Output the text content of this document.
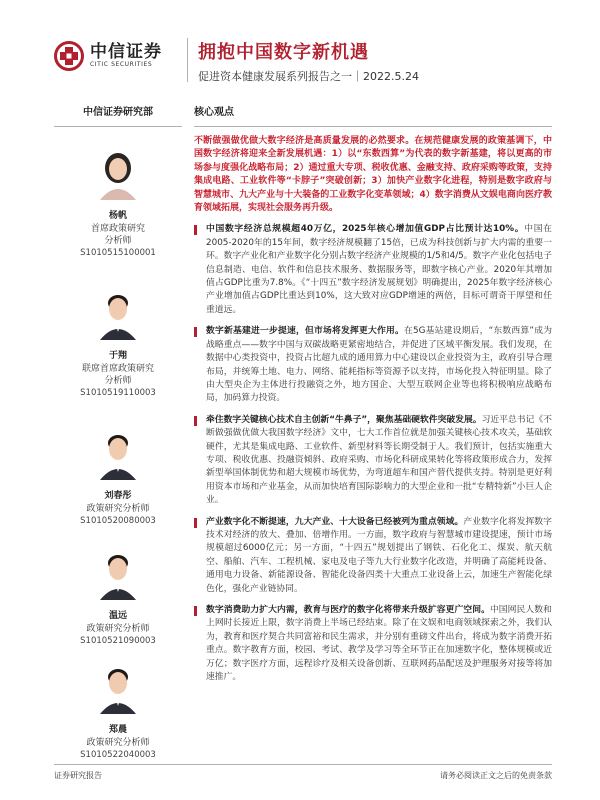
中信证券
CITIC SECURITIES
拥抱中国数字新机遇
促进资本健康发展系列报告之一｜2022.5.24
中信证券研究部
杨帆
首席政策研究
分析师
S1010515100001
于翔
联席首席政策研究
分析师
S1010519110003
刘春彤
政策研究分析师
S1010520080003
温远
政策研究分析师
S1010521090003
郑晨
政策研究分析师
S1010522040003
核心观点
不断做强做优做大数字经济是高质量发展的必然要求。在规范健康发展的政策基调下，中国数字经济将迎来全新发展机遇：1）以“东数西算”为代表的数字新基建，将以更高的市场参与度强化战略布局；2）通过重大专项、税收优惠、金融支持、政府采购等政策，支持集成电路、工业软件等“卡脖子”突破创新；3）加快产业数字化进程，特别是数字政府与智慧城市、九大产业与十大装备的工业数字化变革领域；4）数字消费从文娱电商向医疗教育领域拓展，实现社会服务再升级。

中国数字经济总规模超40万亿，2025年核心增加值GDP占比预计达10%。中国在2005-2020年的15年间，数字经济规模翻了15倍，已成为科技创新与扩大内需的重要一环。数字产业化和产业数字化分别占数字经济产业规模的1/5和4/5。数字产业化包括电子信息制造、电信、软件和信息技术服务、数据服务等，即数字核心产业。2020年其增加值占GDP比重为7.8%。《“十四五”数字经济发展规划》明确提出，2025年数字经济核心产业增加值占GDP比重达到10%，这大致对应GDP增速的两倍，目标可谓奇干厚望和任重道远。

数字新基建进一步提速，但市场将发挥更大作用。在5G基站建设期后，“东数西算”成为战略重点——数字中国与双碳战略更紧密地结合，并促进了区域平衡发展。我们发现，在数据中心类投资中，投资占比超九成的通用算力中心建设以企业投资为主，政府引导合理布局，并统筹土地、电力、网络、能耗指标等资源予以支持，市场化投入特征明显。除了由大型央企为主体进行投融资之外，地方国企、大型互联网企业等也将积极响应战略布局，加码算力投资。

牵住数字关键核心技术自主创新“牛鼻子”，聚焦基础硬软件突破发展。习近平总书记《不断做强做优做大我国数字经济》文中，七大工作首位就是加强关键核心技术攻关，基础软硬件，尤其是集成电路、工业软件、新型材料等长期受制于人。我们预计，包括实施重大专项、税收优惠、投融资倾斜、政府采购、市场化科研成果转化等将政策形成合力，发挥新型举国体制优势和超大规模市场优势，为弯道超车和国产替代提供支持。特别是更好利用资本市场和产业基金，从而加快培育国际影响力的大型企业和一批“专精特新”小巨人企业。

产业数字化不断提速，九大产业、十大设备已经被列为重点领域。产业数字化将发挥数字技术对经济的放大、叠加、倍增作用。一方面，数字政府与智慧城市建设提速，预计市场规模超过6000亿元；另一方面，“十四五”规划提出了钢铁、石化化工、煤炭、航天航空、船舶、汽车、工程机械、家电及电子等九大行业数字化改造，并明确了高能耗设备、通用电力设备、新能源设备、智能化设备四类十大重点工业设备上云，加速生产智能化绿色化，强化产业链协同。

数字消费助力扩大内需，教育与医疗的数字化将带来升级扩容更广空间。中国网民人数和上网时长接近上限，数字消费上半场已经结束。除了在文娱和电商领域探索之外，我们认为，教育和医疗契合共同富裕和民生需求，并分别有重磅文件出台，将成为数字消费开拓重点。数字教育方面，校园、考试、教学及学习等全环节正在加速数字化，整体规模或近万亿；数字医疗方面，远程诊疗及相关设备创新、互联网药品配送及护理服务对接等将加速推广。

证券研究报告	请务必阅读正文之后的免责条款
